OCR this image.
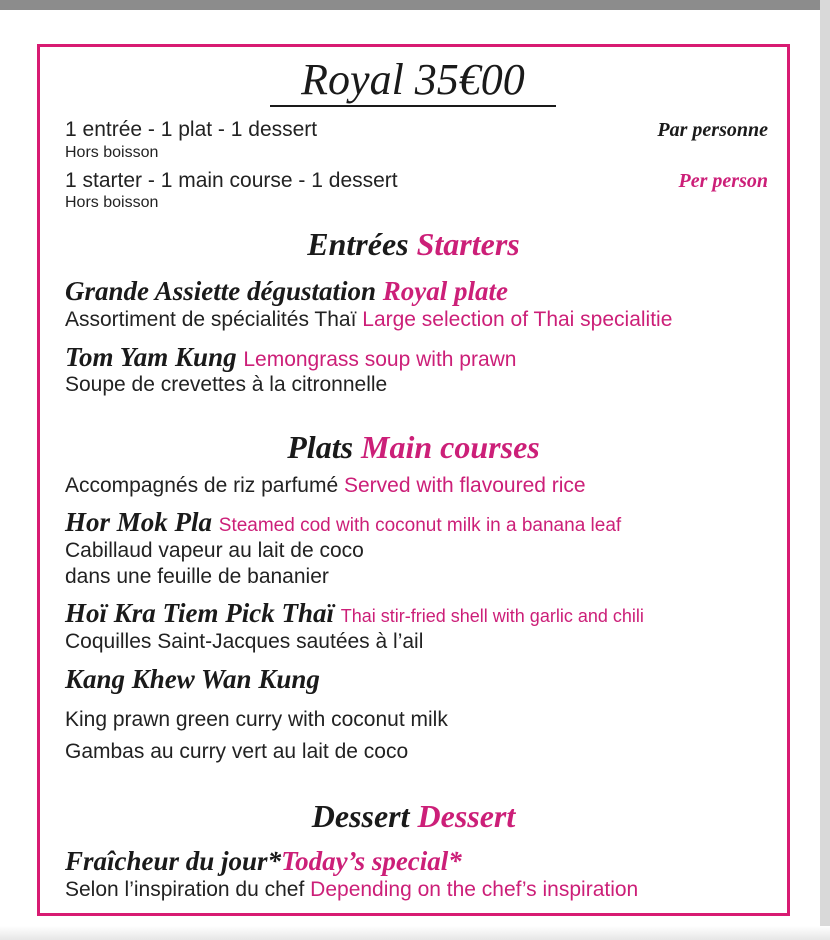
Royal 35€00
1 entrée - 1 plat - 1 dessert	Par personne
Hors boisson
1 starter - 1 main course - 1 dessert	Per person
Hors boisson
Entrées Starters
Grande Assiette dégustation Royal plate
Assortiment de spécialités Thaï Large selection of Thai specialitie
Tom Yam Kung Lemongrass soup with prawn
Soupe de crevettes à la citronnelle
Plats Main courses
Accompagnés de riz parfumé Served with flavoured rice
Hor Mok Pla Steamed cod with coconut milk in a banana leaf
Cabillaud vapeur au lait de coco
dans une feuille de bananier
Hoï Kra Tiem Pick Thaï Thai stir-fried shell with garlic and chili
Coquilles Saint-Jacques sautées à l’ail
Kang Khew Wan Kung
King prawn green curry with coconut milk
Gambas au curry vert au lait de coco
Dessert Dessert
Fraîcheur du jour*Today’s special*
Selon l’inspiration du chef Depending on the chef’s inspiration
